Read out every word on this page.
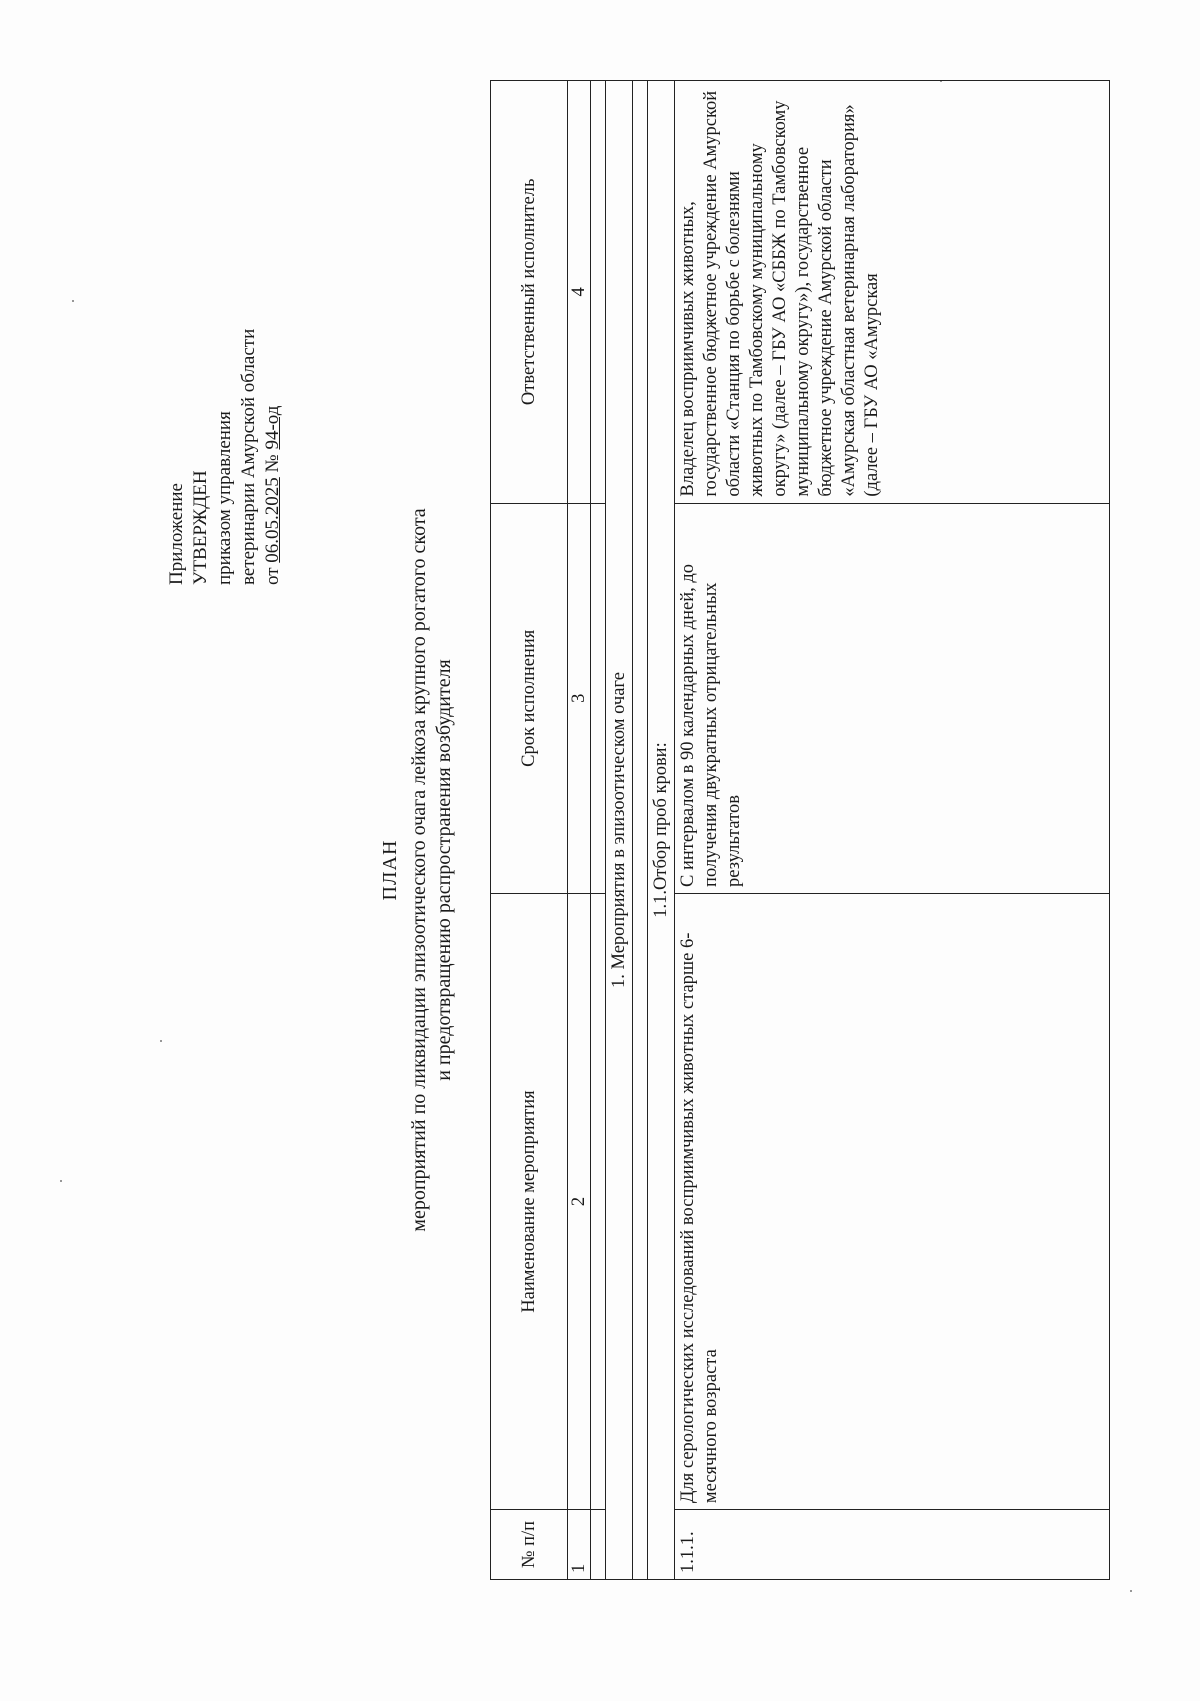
Приложение УТВЕРЖДЕН приказом управления ветеринарии Амурской области от 06.05.2025 № 94-од
ПЛАН мероприятий по ликвидации эпизоотического очага лейкоза крупного рогатого скота и предотвращению распространения возбудителя
№ п/п	Наименование мероприятия	Срок исполнения	Ответственный исполнитель
1	2	3	4

1. Мероприятия в эпизоотическом очаге			

1.1.Отбор проб крови:			
1.1.1.	Для серологических исследований восприимчивых животных старше 6-месячного возраста	С интервалом в 90 календарных дней, до получения двукратных отрицательных результатов	Владелец восприимчивых животных, государственное бюджетное учреждение Амурской области «Станция по борьбе с болезнями животных по Тамбовскому муниципальному округу» (далее – ГБУ АО «СББЖ по Тамбовскому муниципальному округу»), государственное бюджетное учреждение Амурской области «Амурская областная ветеринарная лаборатория» (далее – ГБУ АО «Амурская
